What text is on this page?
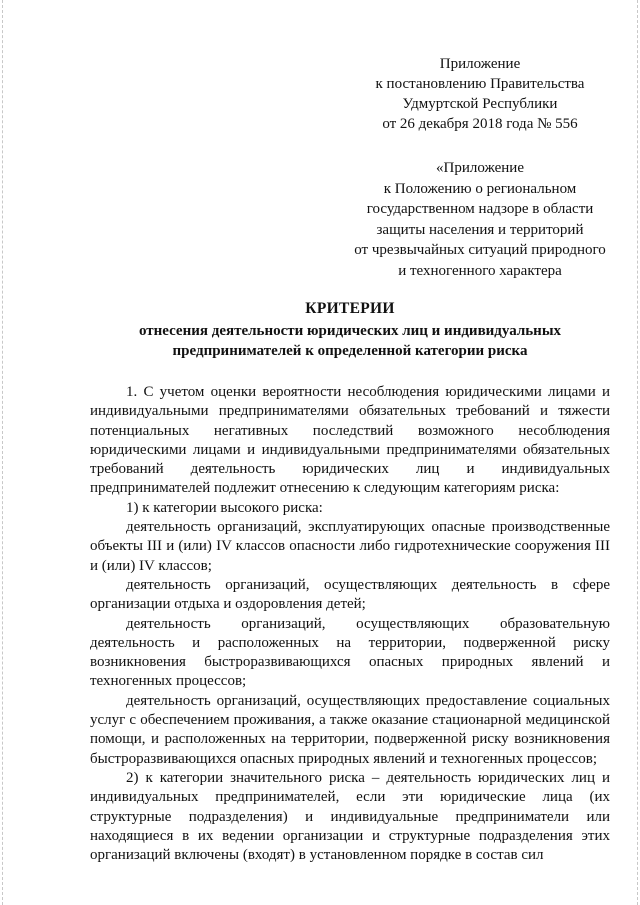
Приложение
к постановлению Правительства
Удмуртской Республики
от 26 декабря 2018 года № 556
«Приложение
к Положению о региональном
государственном надзоре в области
защиты населения и территорий
от чрезвычайных ситуаций природного
и техногенного характера
КРИТЕРИИ
отнесения деятельности юридических лиц и индивидуальных предпринимателей к определенной категории риска

1. С учетом оценки вероятности несоблюдения юридическими лицами и индивидуальными предпринимателями обязательных требований и тяжести потенциальных негативных последствий возможного несоблюдения юридическими лицами и индивидуальными предпринимателями обязательных требований деятельность юридических лиц и индивидуальных предпринимателей подлежит отнесению к следующим категориям риска:

1) к категории высокого риска:

деятельность организаций, эксплуатирующих опасные производственные объекты III и (или) IV классов опасности либо гидротехнические сооружения III и (или) IV классов;

деятельность организаций, осуществляющих деятельность в сфере организации отдыха и оздоровления детей;

деятельность организаций, осуществляющих образовательную деятельность и расположенных на территории, подверженной риску возникновения быстроразвивающихся опасных природных явлений и техногенных процессов;

деятельность организаций, осуществляющих предоставление социальных услуг с обеспечением проживания, а также оказание стационарной медицинской помощи, и расположенных на территории, подверженной риску возникновения быстроразвивающихся опасных природных явлений и техногенных процессов;

2) к категории значительного риска – деятельность юридических лиц и индивидуальных предпринимателей, если эти юридические лица (их структурные подразделения) и индивидуальные предприниматели или находящиеся в их ведении организации и структурные подразделения этих организаций включены (входят) в установленном порядке в состав сил
